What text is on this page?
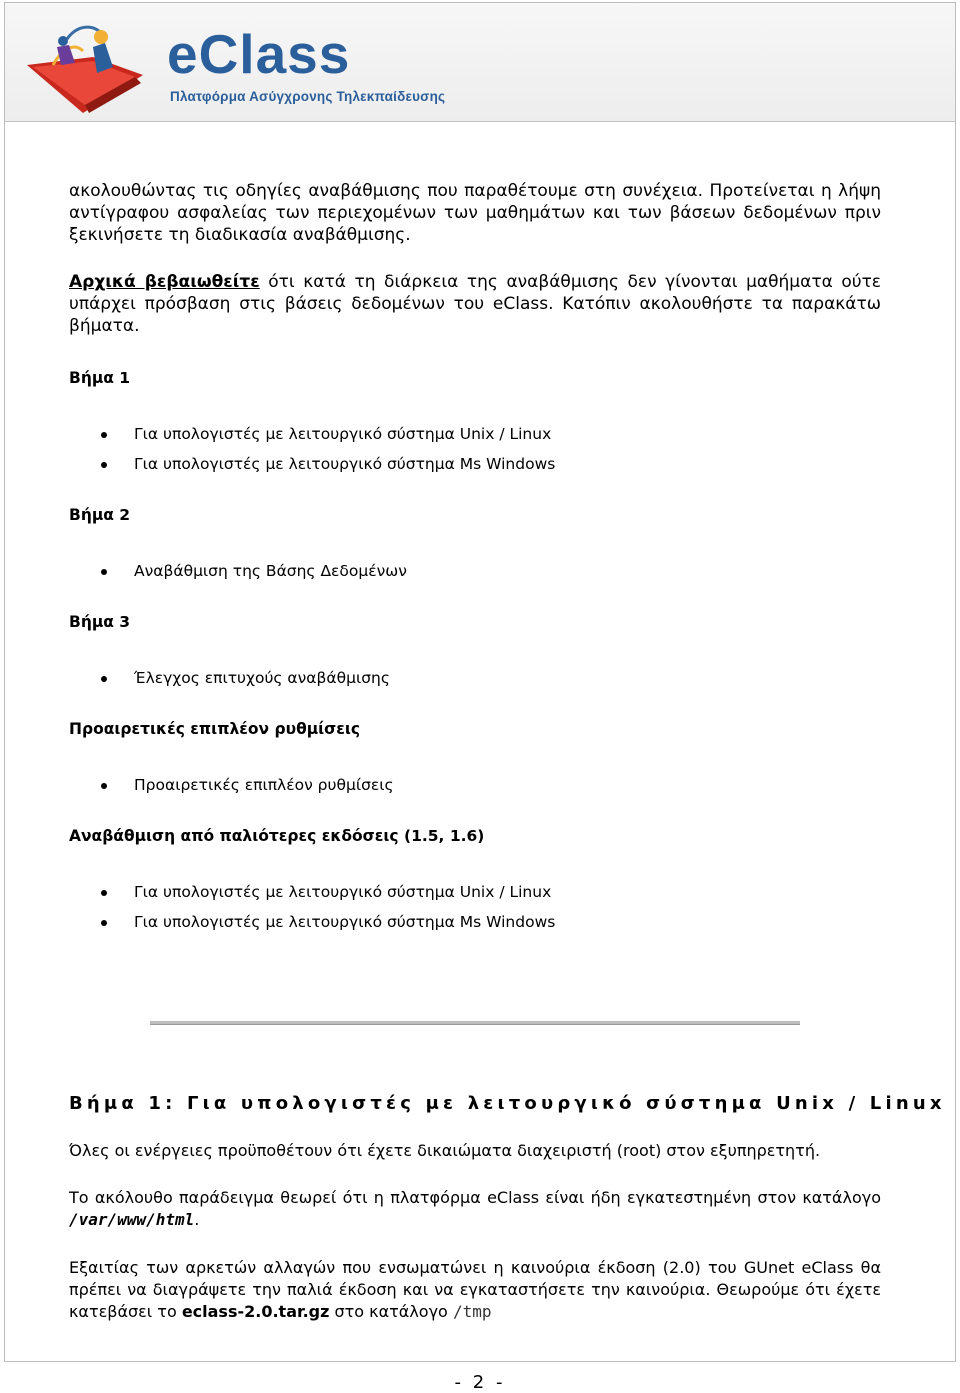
eClass
Πλατφόρμα Ασύγχρονης Τηλεκπαίδευσης

ακολουθώντας τις οδηγίες αναβάθμισης που παραθέτουμε στη συνέχεια. Προτείνεται η λήψη αντίγραφου ασφαλείας των περιεχομένων των μαθημάτων και των βάσεων δεδομένων πριν ξεκινήσετε τη διαδικασία αναβάθμισης.

Αρχικά βεβαιωθείτε ότι κατά τη διάρκεια της αναβάθμισης δεν γίνονται μαθήματα ούτε υπάρχει πρόσβαση στις βάσεις δεδομένων του eClass. Κατόπιν ακολουθήστε τα παρακάτω βήματα.

Βήμα 1

Για υπολογιστές με λειτουργικό σύστημα Unix / Linux
Για υπολογιστές με λειτουργικό σύστημα Ms Windows

Βήμα 2

Αναβάθμιση της Βάσης Δεδομένων

Βήμα 3

Έλεγχος επιτυχούς αναβάθμισης

Προαιρετικές επιπλέον ρυθμίσεις

Προαιρετικές επιπλέον ρυθμίσεις

Αναβάθμιση από παλιότερες εκδόσεις (1.5, 1.6)

Για υπολογιστές με λειτουργικό σύστημα Unix / Linux
Για υπολογιστές με λειτουργικό σύστημα Ms Windows
Βήμα 1: Για υπολογιστές με λειτουργικό σύστημα Unix / Linux

Όλες οι ενέργειες προϋποθέτουν ότι έχετε δικαιώματα διαχειριστή (root) στον εξυπηρετητή.

Το ακόλουθο παράδειγμα θεωρεί ότι η πλατφόρμα eClass είναι ήδη εγκατεστημένη στον κατάλογο /var/www/html.

Εξαιτίας των αρκετών αλλαγών που ενσωματώνει η καινούρια έκδοση (2.0) του GUnet eClass θα πρέπει να διαγράψετε την παλιά έκδοση και να εγκαταστήσετε την καινούρια. Θεωρούμε ότι έχετε κατεβάσει το eclass-2.0.tar.gz στο κατάλογο /tmp

- 2 -
